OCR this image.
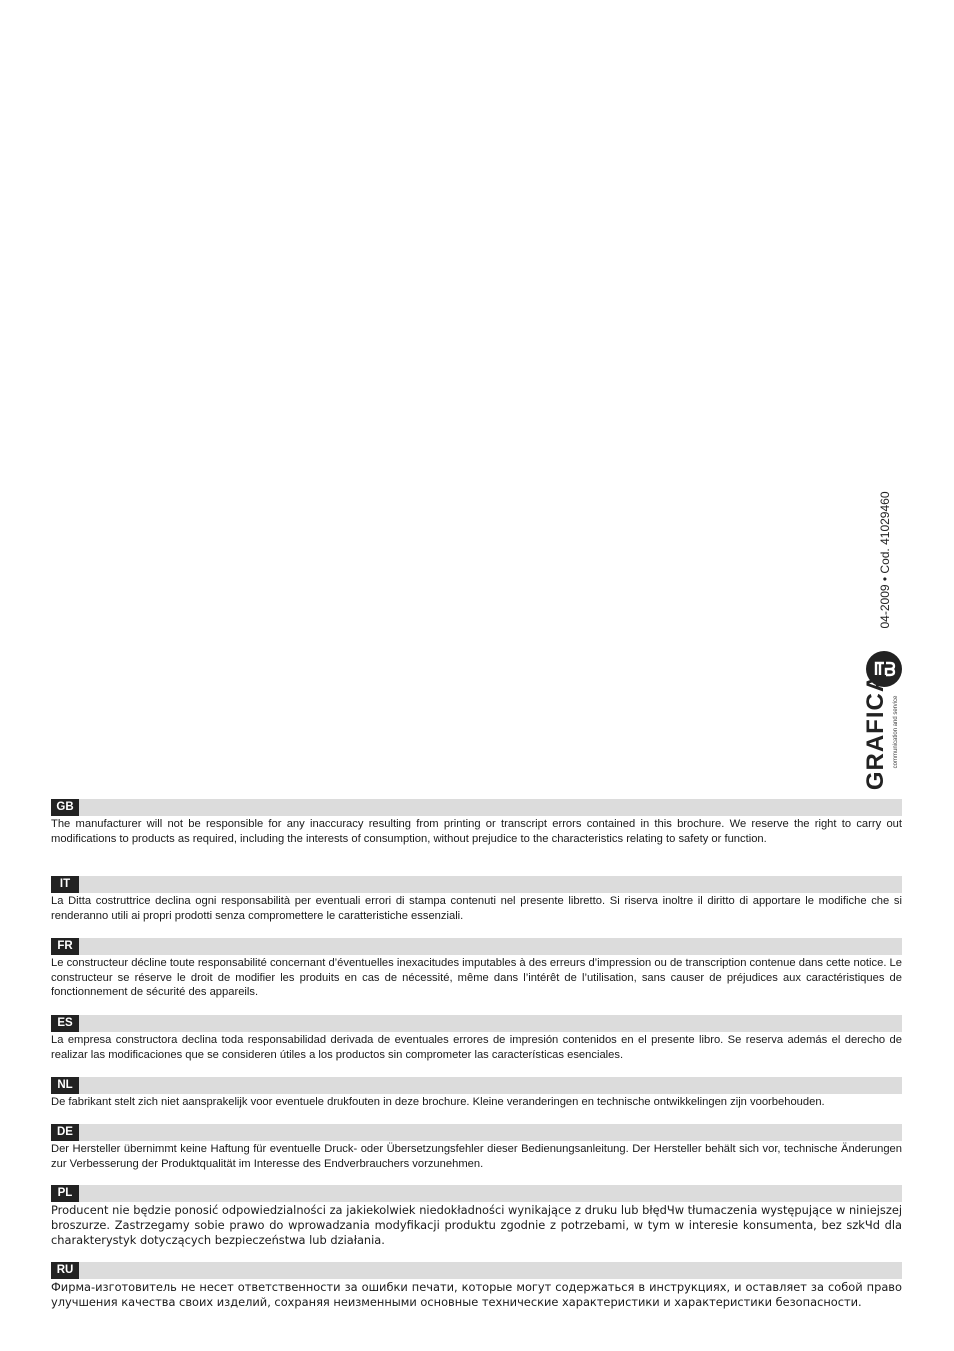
04-2009 • Cod. 41029460
GRAFICA communication and service
GB

The manufacturer will not be responsible for any inaccuracy resulting from printing or transcript errors contained in this brochure. We reserve the right to carry out modifications to products as required, including the interests of consumption, without prejudice to the characteristics relating to safety or function.

IT

La Ditta costruttrice declina ogni responsabilità per eventuali errori di stampa contenuti nel presente libretto. Si riserva inoltre il diritto di apportare le modifiche che si renderanno utili ai propri prodotti senza compromettere le caratteristiche essenziali.

FR

Le constructeur décline toute responsabilité concernant d’éventuelles inexacitudes imputables à des erreurs d’impression ou de transcription contenue dans cette notice. Le constructeur se réserve le droit de modifier les produits en cas de nécessité, même dans l’intérêt de l’utilisation, sans causer de préjudices aux caractéristiques de fonctionnement de sécurité des appareils.

ES

La empresa constructora declina toda responsabilidad derivada de eventuales errores de impresión contenidos en el presente libro. Se reserva además el derecho de realizar las modificaciones que se consideren útiles a los productos sin comprometer las características esenciales.

NL

De fabrikant stelt zich niet aansprakelijk voor eventuele drukfouten in deze brochure. Kleine veranderingen en technische ontwikkelingen zijn voorbehouden.

DE

Der Hersteller übernimmt keine Haftung für eventuelle Druck- oder Übersetzungsfehler dieser Bedienungsanleitung. Der Hersteller behält sich vor, technische Änderungen zur Verbesserung der Produktqualität im Interesse des Endverbrauchers vorzunehmen.

PL

Producent nie będzie ponosić odpowiedzialności za jakiekolwiek niedokładności wynikające z druku lub błędЧw tłumaczenia występujące w niniejszej broszurze. Zastrzegamy sobie prawo do wprowadzania modyfikacji produktu zgodnie z potrzebami, w tym w interesie konsumenta, bez szkЧd dla charakterystyk dotyczących bezpieczeństwa lub działania.

RU

Фирма-изготовитель не несет ответственности за ошибки печати, которые могут содержаться в инструкциях, и оставляет за собой право улучшения качества своих изделий, сохраняя неизменными основные технические характеристики и характеристики безопасности.
